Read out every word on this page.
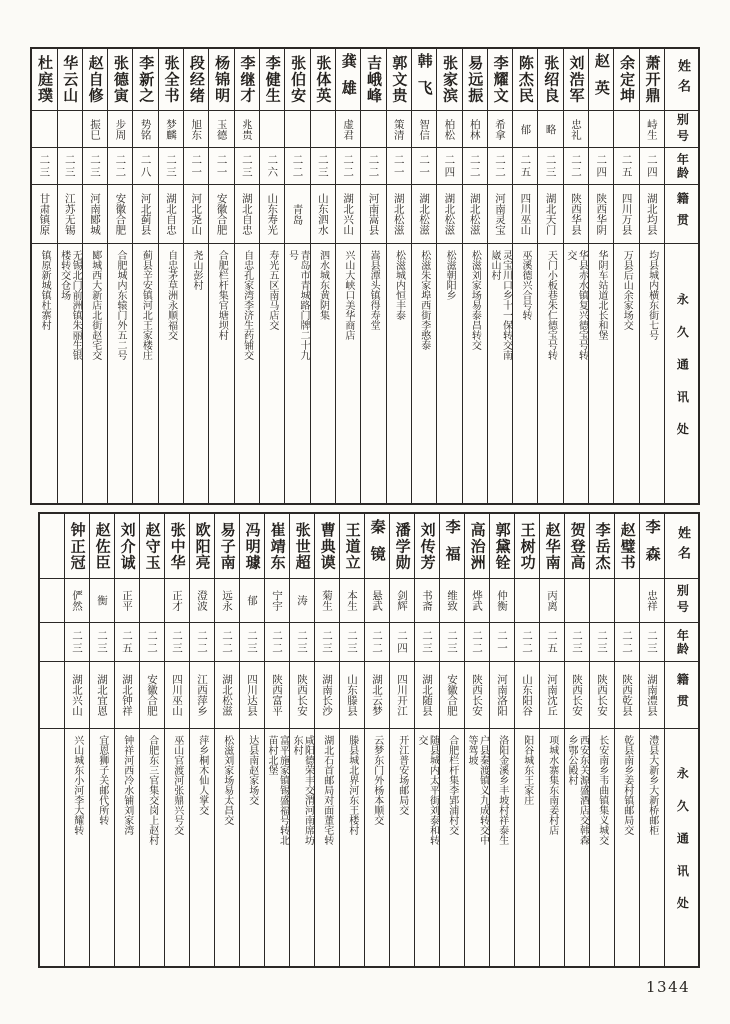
姓名
别号
年龄
籍贯
永久通讯处
萧开鼎
峙生
二四
湖北均县
均县城内横东街七号
余定坤
二五
四川万县
万县后山余家场交
赵英
二四
陕西华阴
华阴车站道北长和堡
刘浩军
忠礼
二二
陕西华县
华县赤水镇复兴德宝号转交
张绍良
略
二三
湖北天门
天门小板巷朱仁德宝号转
陈杰民
郁
二五
四川巫山
巫溪德兴合号转
李耀文
希拿
二二
河南灵宝
灵宝川口乡十一保转交南崴山村
易远振
柏林
二二
湖北松滋
松滋刘家场易泰昌转交
张家滨
柏松
二四
湖北松滋
松滋朝阳乡
韩飞
智信
二一
湖北松滋
松滋朱家埠西街李憨泰
郭文贵
策清
二一
湖北松滋
松滋城内恒丰泰
吉峨峰
二二
河南嵩县
嵩县潭头镇得寿堂
龚雄
虚君
二二
湖北兴山
兴山大峡口美华商店
张体英
二三
山东泗水
泗水城东黄阴集
张伯安
二二
青岛
青岛市青城路门牌二十九号
李健生
二六
山东寿光
寿光五区南马店交
李继才
兆贵
二三
湖北自忠
自忠孔家湾李济生药铺交
杨锦明
玉德
二一
安徽合肥
合肥栏杆集官塘坝村
段经绪
旭东
二一
河北尧山
尧山彭村
张全书
梦麟
二三
湖北自忠
自忠茅草洲永顺福交
李新之
势铭
二八
河北蓟县
蓟县辛安镇河北王家楼庄
张德寅
步周
二二
安徽合肥
合肥城内东辕门外五二号
赵自修
振巳
二三
河南郾城
郾城西大新店北街赵宅交
华云山
二三
江苏无锡
无锡北门前洲镇朱丽生银楼转交仓场
杜庭璞
二三
甘肃镇原
镇原新城镇杜寨村
姓名
别号
年龄
籍贯
永久通讯处
李森
忠祥
二三
湖南澧县
澧县大新乡大新桥邮柜
赵璧书
二二
陕西乾县
乾县南乡姜村镇邮局交
李岳杰
二三
陕西长安
长安南乡韦曲镇集义城交
贺登高
二三
陕西长安
西安东关源盛酒店交韩森乡鄂公殿村
赵华南
丙离
二五
河南沈丘
项城水寨集东南姜村店
王树功
二二
山东阳谷
阳谷城东王家庄
郭黛铨
仲衡
二一
河南洛阳
洛阳金溪乡丰坡村祥泰生
高治洲
烨武
二二
陕西长安
户县秦渡镇义九成转交中等驾坡
李福
维致
二三
安徽合肥
合肥栏杆集李郢浦村交
刘传芳
书斋
二三
湖北随县
随县城内太平街刘泰和转交
潘学勋
剑辉
二四
四川开江
开江普安场邮局交
秦镜
悬武
二二
湖北云梦
云梦东门外杨本顺交
王道立
本生
二三
山东滕县
滕县城北界河东王楼村
曹典谟
菊生
二三
湖南长沙
湖北石首邮局对面董宅转
张世超
涛
二三
陕西长安
咸阳德荣丰交渭河南席坊东村
崔靖东
宁宇
二二
陕西富平
富平施家镇锡盛福号转北苗村北堡
冯明璩
郁
二三
四川达县
达县南赵家场交
易子南
远永
二二
湖北松滋
松滋刘家场易太昌交
欧阳亮
澄波
二二
江西萍乡
萍乡桐木仙人掌交
张中华
正才
二三
四川巫山
巫山官渡河张鼎兴号交
赵守玉
二二
安徽合肥
合肥东三官集交岗上赵村
刘介诚
正平
二五
湖北钟祥
钟祥河西冷水铺刘家湾
赵佐臣
衡
二三
湖北宜恩
宜恩狮子关邮代所转
钟正冠
俨然
二三
湖北兴山
兴山城东小河李大耀转
1344
